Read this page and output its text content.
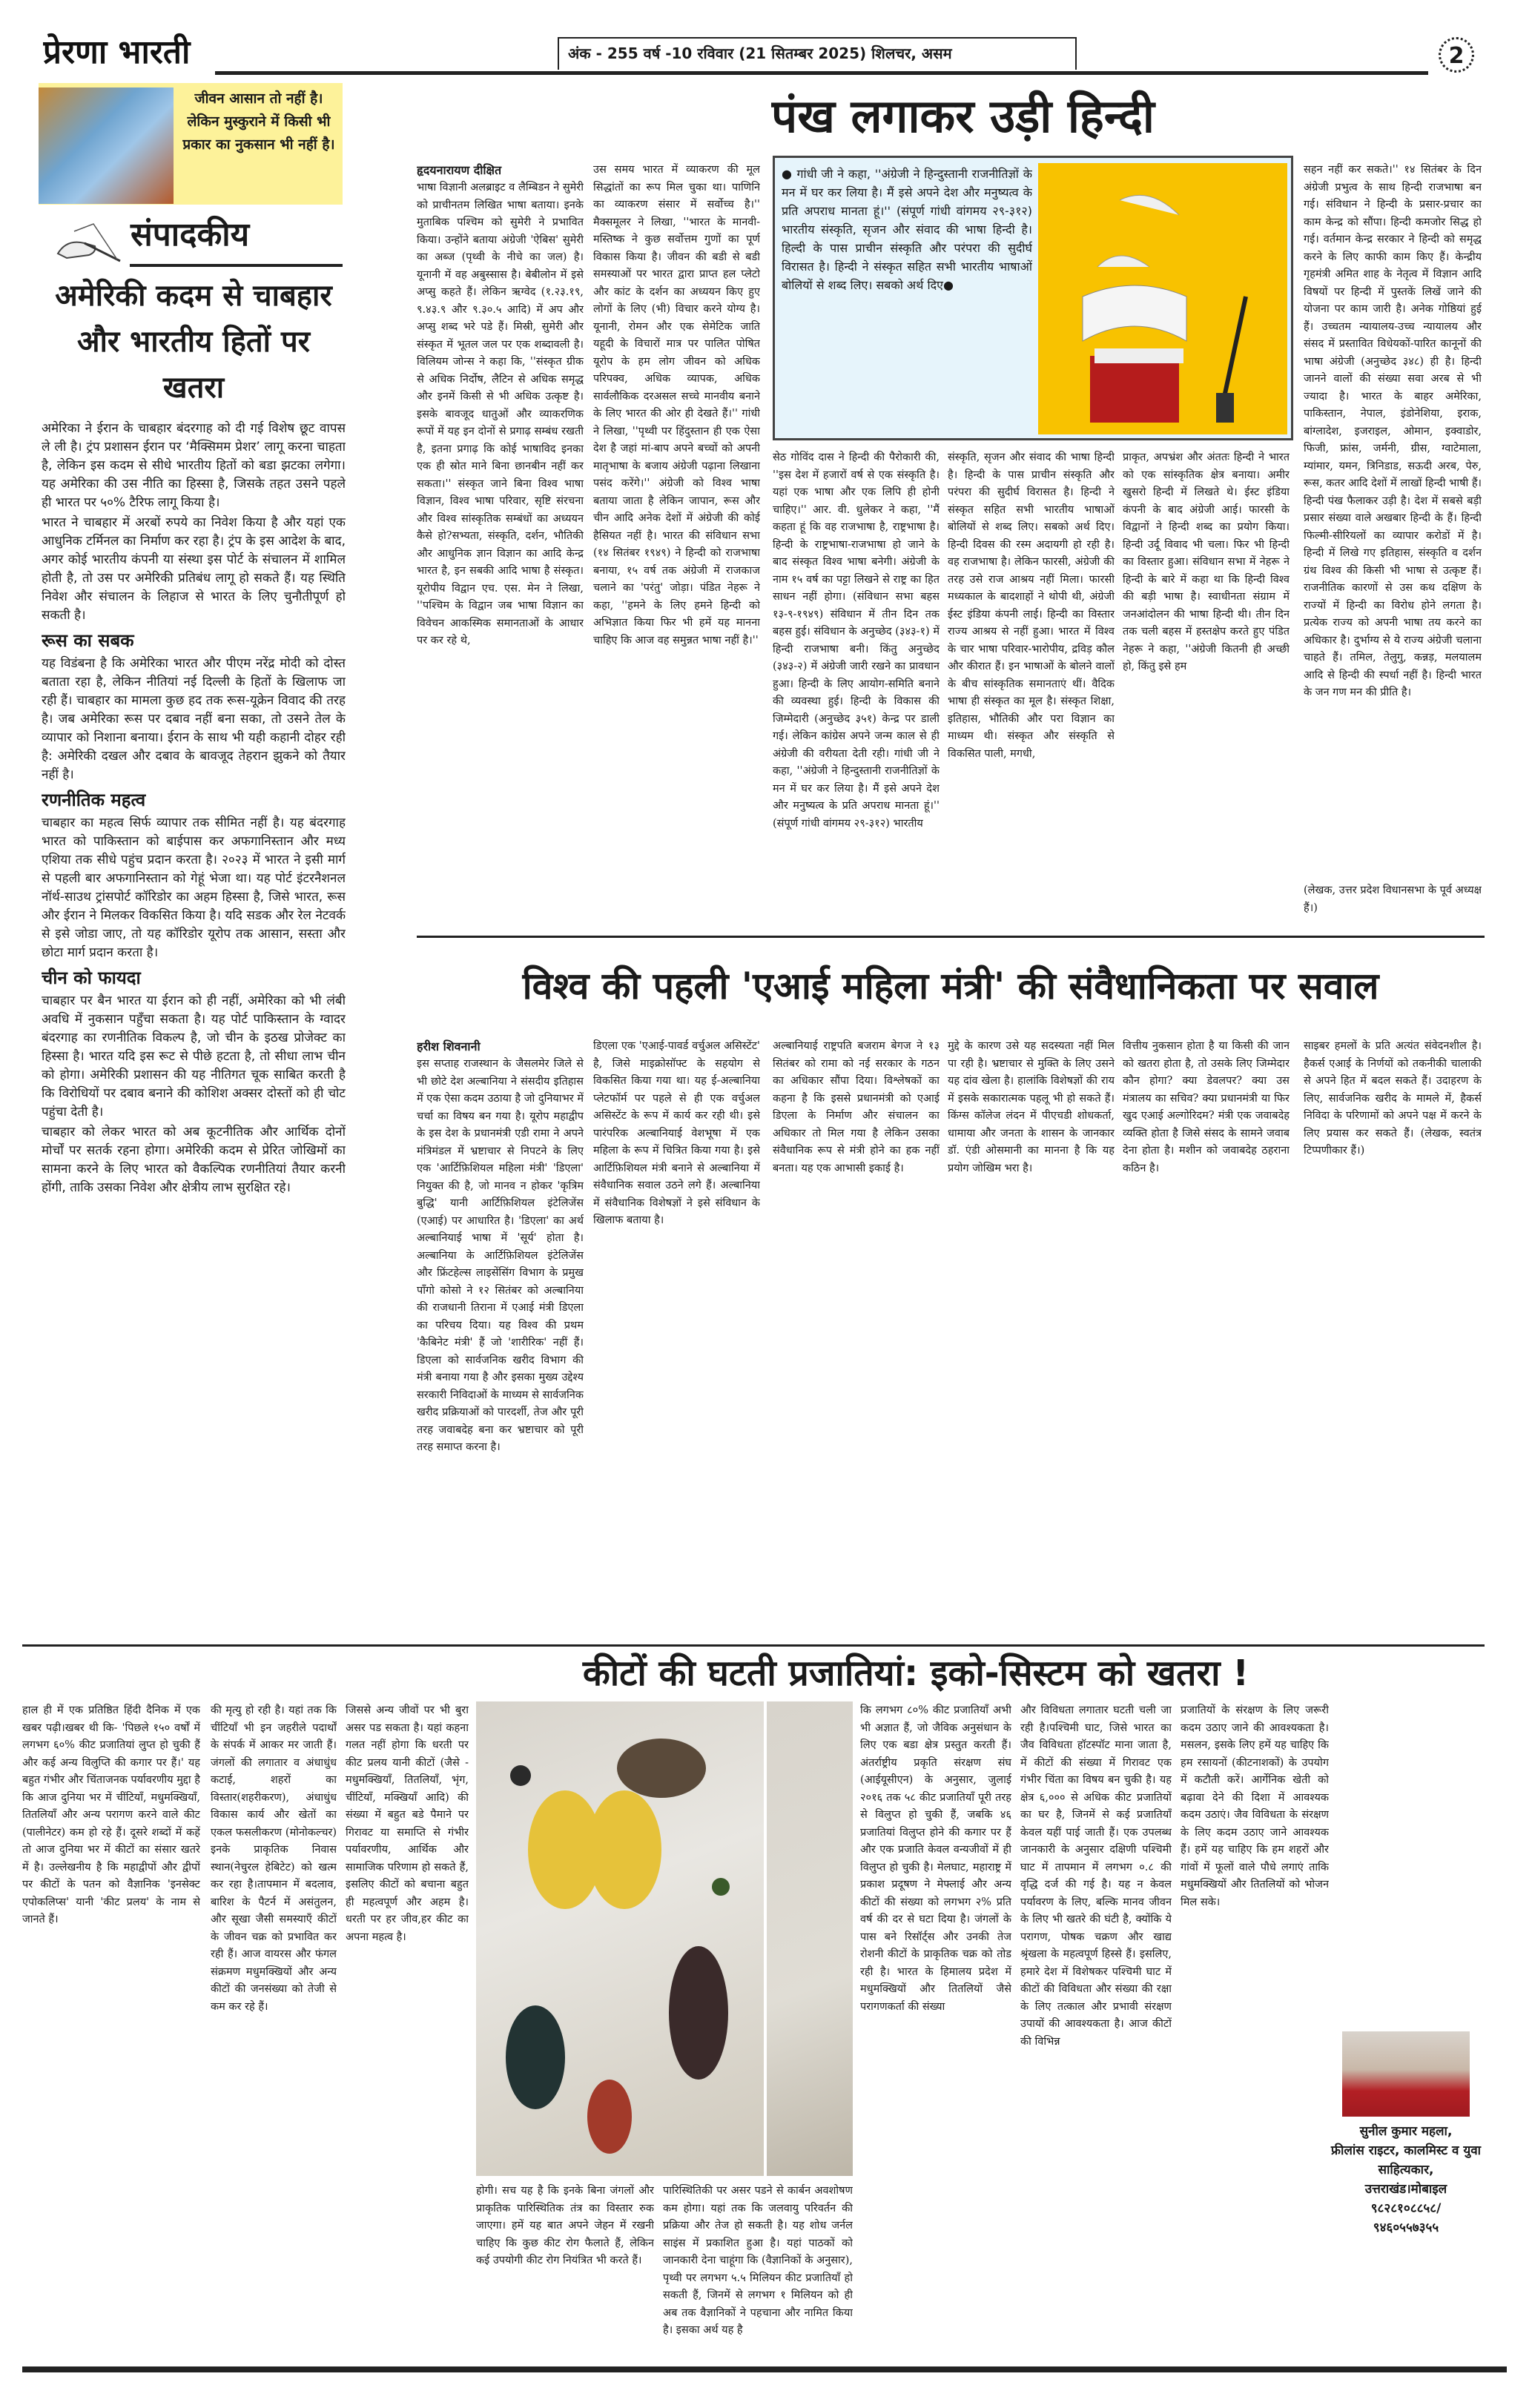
प्रेरणा भारती	अंक - 255 वर्ष -10 रविवार (21 सितम्बर 2025) शिलचर, असम	2
जीवन आसान तो नहीं है। लेकिन मुस्कुराने में किसी भी प्रकार का नुकसान भी नहीं है।
संपादकीय
अमेरिकी कदम से चाबहार और भारतीय हितों पर खतरा

अमेरिका ने ईरान के चाबहार बंदरगाह को दी गई विशेष छूट वापस ले ली है। ट्रंप प्रशासन ईरान पर ‘मैक्सिमम प्रेशर’ लागू करना चाहता है, लेकिन इस कदम से सीधे भारतीय हितों को बडा झटका लगेगा। यह अमेरिका की उस नीति का हिस्सा है, जिसके तहत उसने पहले ही भारत पर ५०% टैरिफ लागू किया है।

भारत ने चाबहार में अरबों रुपये का निवेश किया है और यहां एक आधुनिक टर्मिनल का निर्माण कर रहा है। ट्रंप के इस आदेश के बाद, अगर कोई भारतीय कंपनी या संस्था इस पोर्ट के संचालन में शामिल होती है, तो उस पर अमेरिकी प्रतिबंध लागू हो सकते हैं। यह स्थिति निवेश और संचालन के लिहाज से भारत के लिए चुनौतीपूर्ण हो सकती है।

रूस का सबक

यह विडंबना है कि अमेरिका भारत और पीएम नरेंद्र मोदी को दोस्त बताता रहा है, लेकिन नीतियां नई दिल्ली के हितों के खिलाफ जा रही हैं। चाबहार का मामला कुछ हद तक रूस-यूक्रेन विवाद की तरह है। जब अमेरिका रूस पर दबाव नहीं बना सका, तो उसने तेल के व्यापार को निशाना बनाया। ईरान के साथ भी यही कहानी दोहर रही है: अमेरिकी दखल और दबाव के बावजूद तेहरान झुकने को तैयार नहीं है।

रणनीतिक महत्व

चाबहार का महत्व सिर्फ व्यापार तक सीमित नहीं है। यह बंदरगाह भारत को पाकिस्तान को बाईपास कर अफगानिस्तान और मध्य एशिया तक सीधे पहुंच प्रदान करता है। २०२३ में भारत ने इसी मार्ग से पहली बार अफगानिस्तान को गेहूं भेजा था। यह पोर्ट इंटरनैशनल नॉर्थ-साउथ ट्रांसपोर्ट कॉरिडोर का अहम हिस्सा है, जिसे भारत, रूस और ईरान ने मिलकर विकसित किया है। यदि सडक और रेल नेटवर्क से इसे जोडा जाए, तो यह कॉरिडोर यूरोप तक आसान, सस्ता और छोटा मार्ग प्रदान करता है।

चीन को फायदा

चाबहार पर बैन भारत या ईरान को ही नहीं, अमेरिका को भी लंबी अवधि में नुकसान पहुँचा सकता है। यह पोर्ट पाकिस्तान के ग्वादर बंदरगाह का रणनीतिक विकल्प है, जो चीन के इठख प्रोजेक्ट का हिस्सा है। भारत यदि इस रूट से पीछे हटता है, तो सीधा लाभ चीन को होगा। अमेरिकी प्रशासन की यह नीतिगत चूक साबित करती है कि विरोधियों पर दबाव बनाने की कोशिश अक्सर दोस्तों को ही चोट पहुंचा देती है।

चाबहार को लेकर भारत को अब कूटनीतिक और आर्थिक दोनों मोर्चों पर सतर्क रहना होगा। अमेरिकी कदम से प्रेरित जोखिमों का सामना करने के लिए भारत को वैकल्पिक रणनीतियां तैयार करनी होंगी, ताकि उसका निवेश और क्षेत्रीय लाभ सुरक्षित रहे।

पंख लगाकर उड़ी हिन्दी
● गांधी जी ने कहा, ''अंग्रेजी ने हिन्दुस्तानी राजनीतिज्ञों के मन में घर कर लिया है। मैं इसे अपने देश और मनुष्यत्व के प्रति अपराध मानता हूं।'' (संपूर्ण गांधी वांगमय २९-३१२) भारतीय संस्कृति, सृजन और संवाद की भाषा हिन्दी है। हिल्दी के पास प्राचीन संस्कृति और परंपरा की सुदीर्घ विरासत है। हिन्दी ने संस्कृत सहित सभी भारतीय भाषाओं बोलियों से शब्द लिए। सबको अर्थ दिए●
हृदयनारायण दीक्षित
भाषा विज्ञानी अलब्राइट व लैम्बिडन ने सुमेरी को प्राचीनतम लिखित भाषा बताया। इनके मुताबिक पश्चिम को सुमेरी ने प्रभावित किया। उन्होंने बताया अंग्रेजी 'ऐबिस' सुमेरी का अब्ज (पृथ्वी के नीचे का जल) है। यूनानी में वह अबुस्सास है। बेबीलोन में इसे अप्सु कहते हैं। लेकिन ऋग्वेद (१.२३.१९, ९.४३.९ और ९.३०.५ आदि) में अप और अप्सु शब्द भरे पडे हैं। मिस्री, सुमेरी और संस्कृत में भूतल जल पर एक शब्दावली है। विलियम जोन्स ने कहा कि, ''संस्कृत ग्रीक से अधिक निर्दोष, लैटिन से अधिक समृद्ध और इनमें किसी से भी अधिक उत्कृष्ट है। इसके बावजूद धातुओं और व्याकरणिक रूपों में यह इन दोनों से प्रगाढ़ सम्बंध रखती है, इतना प्रगाढ़ कि कोई भाषाविद इनका एक ही स्रोत माने बिना छानबीन नहीं कर सकता।'' संस्कृत जाने बिना विश्व भाषा विज्ञान, विश्व भाषा परिवार, सृष्टि संरचना और विश्व सांस्कृतिक सम्बंधों का अध्ययन कैसे हो?सभ्यता, संस्कृति, दर्शन, भौतिकी और आधुनिक ज्ञान विज्ञान का आदि केन्द्र भारत है, इन सबकी आदि भाषा है संस्कृत। यूरोपीय विद्वान एच. एस. मेन ने लिखा, ''पश्चिम के विद्वान जब भाषा विज्ञान का विवेचन आकस्मिक समानताओं के आधार पर कर रहे थे,
उस समय भारत में व्याकरण की मूल सिद्धांतों का रूप मिल चुका था। पाणिनि का व्याकरण संसार में सर्वोच्च है।'' मैक्समूलर ने लिखा, ''भारत के मानवी-मस्तिष्क ने कुछ सर्वोत्तम गुणों का पूर्ण विकास किया है। जीवन की बडी से बडी समस्याओं पर भारत द्वारा प्राप्त हल प्लेटो और कांट के दर्शन का अध्ययन किए हुए लोगों के लिए (भी) विचार करने योग्य है। यूनानी, रोमन और एक सेमेटिक जाति यहूदी के विचारों मात्र पर पालित पोषित यूरोप के हम लोग जीवन को अधिक परिपक्व, अधिक व्यापक, अधिक सार्वलौकिक दरअसल सच्चे मानवीय बनाने के लिए भारत की ओर ही देखते हैं।'' गांधी ने लिखा, ''पृथ्वी पर हिंदुस्तान ही एक ऐसा देश है जहां मां-बाप अपने बच्चों को अपनी मातृभाषा के बजाय अंग्रेजी पढ़ाना लिखाना पसंद करेंगे।'' अंग्रेजी को विश्व भाषा बताया जाता है लेकिन जापान, रूस और चीन आदि अनेक देशों में अंग्रेजी की कोई हैसियत नहीं है। भारत की संविधान सभा (१४ सितंबर १९४९) ने हिन्दी को राजभाषा बनाया, १५ वर्ष तक अंग्रेजी में राजकाज चलाने का 'परंतु' जोड़ा। पंडित नेहरू ने कहा, ''हमने के लिए हमने हिन्दी को अभिज्ञात किया फिर भी हमें यह मानना चाहिए कि आज वह समुन्नत भाषा नहीं है।''
सेठ गोविंद दास ने हिन्दी की पैरोकारी की, ''इस देश में हजारों वर्ष से एक संस्कृति है। यहां एक भाषा और एक लिपि ही होनी चाहिए।'' आर. वी. धुलेकर ने कहा, ''मैं कहता हूं कि वह राजभाषा है, राष्ट्रभाषा है। हिन्दी के राष्ट्रभाषा-राजभाषा हो जाने के बाद संस्कृत विश्व भाषा बनेगी। अंग्रेजी के नाम १५ वर्ष का पट्टा लिखने से राष्ट्र का हित साधन नहीं होगा। (संविधान सभा बहस १३-९-१९४९) संविधान में तीन दिन तक बहस हुई। संविधान के अनुच्छेद (३४३-१) में हिन्दी राजभाषा बनी। किंतु अनुच्छेद (३४३-२) में अंग्रेजी जारी रखने का प्रावधान हुआ। हिन्दी के लिए आयोग-समिति बनाने की व्यवस्था हुई। हिन्दी के विकास की जिम्मेदारी (अनुच्छेद ३५१) केन्द्र पर डाली गई। लेकिन कांग्रेस अपने जन्म काल से ही अंग्रेजी की वरीयता देती रही। गांधी जी ने कहा, ''अंग्रेजी ने हिन्दुस्तानी राजनीतिज्ञों के मन में घर कर लिया है। मैं इसे अपने देश और मनुष्यत्व के प्रति अपराध मानता हूं।'' (संपूर्ण गांधी वांगमय २९-३१२) भारतीय
संस्कृति, सृजन और संवाद की भाषा हिन्दी है। हिन्दी के पास प्राचीन संस्कृति और परंपरा की सुदीर्घ विरासत है। हिन्दी ने संस्कृत सहित सभी भारतीय भाषाओं बोलियों से शब्द लिए। सबको अर्थ दिए। हिन्दी दिवस की रस्म अदायगी हो रही है। वह राजभाषा है। लेकिन फारसी, अंग्रेजी की तरह उसे राज आश्रय नहीं मिला। फारसी मध्यकाल के बादशाहों ने थोपी थी, अंग्रेजी ईस्ट इंडिया कंपनी लाई। हिन्दी का विस्तार राज्य आश्रय से नहीं हुआ। भारत में विश्व के चार भाषा परिवार-भारोपीय, द्रविड़ कौल और कीरात हैं। इन भाषाओं के बोलने वालों के बीच सांस्कृतिक समानताएं थीं। वैदिक भाषा ही संस्कृत का मूल है। संस्कृत शिक्षा, इतिहास, भौतिकी और परा विज्ञान का माध्यम थी। संस्कृत और संस्कृति से विकसित पाली, मगधी,
प्राकृत, अपभ्रंश और अंततः हिन्दी ने भारत को एक सांस्कृतिक क्षेत्र बनाया। अमीर खुसरो हिन्दी में लिखते थे। ईस्ट इंडिया कंपनी के बाद अंग्रेजी आई। फारसी के विद्वानों ने हिन्दी शब्द का प्रयोग किया। हिन्दी उर्दू विवाद भी चला। फिर भी हिन्दी का विस्तार हुआ। संविधान सभा में नेहरू ने हिन्दी के बारे में कहा था कि हिन्दी विश्व की बड़ी भाषा है। स्वाधीनता संग्राम में जनआंदोलन की भाषा हिन्दी थी। तीन दिन तक चली बहस में हस्तक्षेप करते हुए पंडित नेहरू ने कहा, ''अंग्रेजी कितनी ही अच्छी हो, किंतु इसे हम
सहन नहीं कर सकते।'' १४ सितंबर के दिन अंग्रेजी प्रभुत्व के साथ हिन्दी राजभाषा बन गई। संविधान ने हिन्दी के प्रसार-प्रचार का काम केन्द्र को सौंपा। हिन्दी कमजोर सिद्ध हो गई। वर्तमान केन्द्र सरकार ने हिन्दी को समृद्ध करने के लिए काफी काम किए हैं। केन्द्रीय गृहमंत्री अमित शाह के नेतृत्व में विज्ञान आदि विषयों पर हिन्दी में पुस्तकें लिखें जाने की योजना पर काम जारी है। अनेक गोष्ठियां हुई हैं। उच्चतम न्यायालय-उच्च न्यायालय और संसद में प्रस्तावित विधेयकों-पारित कानूनों की भाषा अंग्रेजी (अनुच्छेद ३४८) ही है। हिन्दी जानने वालों की संख्या सवा अरब से भी ज्यादा है। भारत के बाहर अमेरिका, पाकिस्तान, नेपाल, इंडोनेशिया, इराक, बांग्लादेश, इजराइल, ओमान, इक्वाडोर, फिजी, फ्रांस, जर्मनी, ग्रीस, ग्वाटेमाला, म्यांमार, यमन, त्रिनिडाड, सऊदी अरब, पेरु, रूस, कतर आदि देशों में लाखों हिन्दी भाषी हैं। हिन्दी पंख फैलाकर उड़ी है। देश में सबसे बड़ी प्रसार संख्या वाले अखबार हिन्दी के हैं। हिन्दी फिल्मी-सीरियलों का व्यापार करोडों में है। हिन्दी में लिखे गए इतिहास, संस्कृति व दर्शन ग्रंथ विश्व की किसी भी भाषा से उत्कृष्ट हैं। राजनीतिक कारणों से उस कथ दक्षिण के राज्यों में हिन्दी का विरोध होने लगता है। प्रत्येक राज्य को अपनी भाषा तय करने का अधिकार है। दुर्भाग्य से ये राज्य अंग्रेजी चलाना चाहते हैं। तमिल, तेलुगु, कन्नड़, मलयालम आदि से हिन्दी की स्पर्धा नहीं है। हिन्दी भारत के जन गण मन की प्रीति है।
(लेखक, उत्तर प्रदेश विधानसभा के पूर्व अध्यक्ष हैं।)
विश्व की पहली 'एआई महिला मंत्री' की संवैधानिकता पर सवाल
हरीश शिवनानी
इस सप्ताह राजस्थान के जैसलमेर जिले से भी छोटे देश अल्बानिया ने संसदीय इतिहास में एक ऐसा कदम उठाया है जो दुनियाभर में चर्चा का विषय बन गया है। यूरोप महाद्वीप के इस देश के प्रधानमंत्री एडी रामा ने अपने मंत्रिमंडल में भ्रष्टाचार से निपटने के लिए एक 'आर्टिफ़िशियल महिला मंत्री' 'डिएला' नियुक्त की है, जो मानव न होकर 'कृत्रिम बुद्धि' यानी आर्टिफ़िशियल इंटेलिजेंस (एआई) पर आधारित है। 'डिएला' का अर्थ अल्बानियाई भाषा में 'सूर्य' होता है। अल्बानिया के आर्टिफ़िशियल इंटेलिजेंस और फ्रिंटहेल्स लाइसेंसिंग विभाग के प्रमुख पाँगो कोसो ने १२ सितंबर को अल्बानिया की राजधानी तिराना में एआई मंत्री डिएला का परिचय दिया। यह विश्व की प्रथम 'कैबिनेट मंत्री' हैं जो 'शारीरिक' नहीं हैं। डिएला को सार्वजनिक खरीद विभाग की मंत्री बनाया गया है और इसका मुख्य उद्देश्य सरकारी निविदाओं के माध्यम से सार्वजनिक खरीद प्रक्रियाओं को पारदर्शी, तेज और पूरी तरह जवाबदेह बना कर भ्रष्टाचार को पूरी तरह समाप्त करना है।
डिएला एक 'एआई-पावर्ड वर्चुअल असिस्टेंट' है, जिसे माइक्रोसॉफ्ट के सहयोग से विकसित किया गया था। यह ई-अल्बानिया प्लेटफॉर्म पर पहले से ही एक वर्चुअल असिस्टेंट के रूप में कार्य कर रही थी। इसे पारंपरिक अल्बानियाई वेशभूषा में एक महिला के रूप में चित्रित किया गया है। इसे आर्टिफ़िशियल मंत्री बनाने से अल्बानिया में संवैधानिक सवाल उठने लगे हैं। अल्बानिया में संवैधानिक विशेषज्ञों ने इसे संविधान के खिलाफ बताया है।
अल्बानियाई राष्ट्रपति बजराम बेगज ने १३ सितंबर को रामा को नई सरकार के गठन का अधिकार सौंपा दिया। विश्लेषकों का कहना है कि इससे प्रधानमंत्री को एआई डिएला के निर्माण और संचालन का अधिकार तो मिल गया है लेकिन उसका संवैधानिक रूप से मंत्री होने का हक नहीं बनता। यह एक आभासी इकाई है।
मुद्दे के कारण उसे यह सदस्यता नहीं मिल पा रही है। भ्रष्टाचार से मुक्ति के लिए उसने यह दांव खेला है। हालांकि विशेषज्ञों की राय में इसके सकारात्मक पहलू भी हो सकते हैं। किंग्स कॉलेज लंदन में पीएचडी शोधकर्ता, धामाया और जनता के शासन के जानकार डॉ. एंडी ओसमानी का मानना है कि यह प्रयोग जोखिम भरा है।
वित्तीय नुकसान होता है या किसी की जान को खतरा होता है, तो उसके लिए जिम्मेदार कौन होगा? क्या डेवलपर? क्या उस मंत्रालय का सचिव? क्या प्रधानमंत्री या फिर खुद एआई अल्गोरिदम? मंत्री एक जवाबदेह व्यक्ति होता है जिसे संसद के सामने जवाब देना होता है। मशीन को जवाबदेह ठहराना कठिन है।
साइबर हमलों के प्रति अत्यंत संवेदनशील है। हैकर्स एआई के निर्णयों को तकनीकी चालाकी से अपने हित में बदल सकते हैं। उदाहरण के लिए, सार्वजनिक खरीद के मामले में, हैकर्स निविदा के परिणामों को अपने पक्ष में करने के लिए प्रयास कर सकते हैं। (लेखक, स्वतंत्र टिप्पणीकार हैं।)
कीटों की घटती प्रजातियां: इको-सिस्टम को खतरा !
हाल ही में एक प्रतिष्ठित हिंदी दैनिक में एक खबर पढ़ी।खबर थी कि- 'पिछले १५० वर्षों में लगभग ६०% कीट प्रजातियां लुप्त हो चुकी हैं और कई अन्य विलुप्ति की कगार पर हैं।' यह बहुत गंभीर और चिंताजनक पर्यावरणीय मुद्दा है कि आज दुनिया भर में चींटियाँ, मधुमक्खियाँ, तितलियाँ और अन्य परागण करने वाले कीट (पालीनेटर) कम हो रहे हैं। दूसरे शब्दों में कहें तो आज दुनिया भर में कीटों का संसार खतरे में है। उल्लेखनीय है कि महाद्वीपों और द्वीपों पर कीटों के पतन को वैज्ञानिक 'इनसेक्ट एपोकलिप्स' यानी 'कीट प्रलय' के नाम से जानते हैं।
की मृत्यु हो रही है। यहां तक कि चींटियाँ भी इन जहरीले पदार्थों के संपर्क में आकर मर जाती हैं।जंगलों की लगातार व अंधाधुंध कटाई, शहरों का विस्तार(शहरीकरण), अंधाधुंध विकास कार्य और खेतों का एकल फसलीकरण (मोनोकल्चर) इनके प्राकृतिक निवास स्थान(नेचुरल हेबिटेट) को खत्म कर रहा है।तापमान में बदलाव, बारिश के पैटर्न में असंतुलन, और सूखा जैसी समस्याएँ कीटों के जीवन चक्र को प्रभावित कर रही हैं। आज वायरस और फंगल संक्रमण मधुमक्खियों और अन्य कीटों की जनसंख्या को तेजी से कम कर रहे हैं।
जिससे अन्य जीवों पर भी बुरा असर पड सकता है। यहां कहना गलत नहीं होगा कि धरती पर कीट प्रलय यानी कीटों (जैसे - मधुमक्खियाँ, तितलियाँ, भृंग, चींटियाँ, मक्खियाँ आदि) की संख्या में बहुत बडे पैमाने पर गिरावट या समाप्ति से गंभीर पर्यावरणीय, आर्थिक और सामाजिक परिणाम हो सकते हैं, इसलिए कीटों को बचाना बहुत ही महत्वपूर्ण और अहम है। धरती पर हर जीव,हर कीट का अपना महत्व है।
होगी। सच यह है कि इनके बिना जंगलों और प्राकृतिक पारिस्थितिक तंत्र का विस्तार रुक जाएगा। हमें यह बात अपने जेहन में रखनी चाहिए कि कुछ कीट रोग फैलाते हैं, लेकिन कई उपयोगी कीट रोग नियंत्रित भी करते हैं।
पारिस्थितिकी पर असर पडने से कार्बन अवशोषण कम होगा। यहां तक कि जलवायु परिवर्तन की प्रक्रिया और तेज हो सकती है। यह शोध जर्नल साइंस में प्रकाशित हुआ है। यहां पाठकों को जानकारी देना चाहूंगा कि (वैज्ञानिकों के अनुसार), पृथ्वी पर लगभग ५.५ मिलियन कीट प्रजातियाँ हो सकती हैं, जिनमें से लगभग १ मिलियन को ही अब तक वैज्ञानिकों ने पहचाना और नामित किया है। इसका अर्थ यह है
कि लगभग ८०% कीट प्रजातियाँ अभी भी अज्ञात हैं, जो जैविक अनुसंधान के लिए एक बडा क्षेत्र प्रस्तुत करती हैं। अंतर्राष्ट्रीय प्रकृति संरक्षण संघ (आईयूसीएन) के अनुसार, जुलाई २०१६ तक ५८ कीट प्रजातियाँ पूरी तरह से विलुप्त हो चुकी हैं, जबकि ४६ प्रजातियां विलुप्त होने की कगार पर हैं और एक प्रजाति केवल वन्यजीवों में ही विलुप्त हो चुकी है। मेलघाट, महाराष्ट्र में प्रकाश प्रदूषण ने मेफ्लाई और अन्य कीटों की संख्या को लगभग २% प्रति वर्ष की दर से घटा दिया है। जंगलों के पास बने रिसॉर्ट्स और उनकी तेज रोशनी कीटों के प्राकृतिक चक्र को तोड रही है। भारत के हिमालय प्रदेश में मधुमक्खियों और तितलियों जैसे परागणकर्ता की संख्या
और विविधता लगातार घटती चली जा रही है।पश्चिमी घाट, जिसे भारत का जैव विविधता हॉटस्पॉट माना जाता है, में कीटों की संख्या में गिरावट एक गंभीर चिंता का विषय बन चुकी है। यह क्षेत्र ६,००० से अधिक कीट प्रजातियों का घर है, जिनमें से कई प्रजातियाँ केवल यहीं पाई जाती हैं। एक उपलब्ध जानकारी के अनुसार दक्षिणी पश्चिमी घाट में तापमान में लगभग ०.८ की वृद्धि दर्ज की गई है। यह न केवल पर्यावरण के लिए, बल्कि मानव जीवन के लिए भी खतरे की घंटी है, क्योंकि ये परागण, पोषक चक्रण और खाद्य श्रृंखला के महत्वपूर्ण हिस्से हैं। इसलिए, हमारे देश में विशेषकर पश्चिमी घाट में कीटों की विविधता और संख्या की रक्षा के लिए तत्काल और प्रभावी संरक्षण उपायों की आवश्यकता है। आज कीटों की विभिन्न
प्रजातियों के संरक्षण के लिए जरूरी कदम उठाए जाने की आवश्यकता है। मसलन, इसके लिए हमें यह चाहिए कि हम रसायनों (कीटनाशकों) के उपयोग में कटौती करें। आर्गेनिक खेती को बढ़ावा देने की दिशा में आवश्यक कदम उठाएं। जैव विविधता के संरक्षण के लिए कदम उठाए जाने आवश्यक हैं। हमें यह चाहिए कि हम शहरों और गांवों में फूलों वाले पौधे लगाएं ताकि मधुमक्खियों और तितलियों को भोजन मिल सके।
सुनील कुमार महला,
फ्रीलांस राइटर, कालमिस्ट व युवा साहित्यकार,
उत्तराखंड।मोबाइल
९८२८१०८८५८/
९४६०५५७३५५
